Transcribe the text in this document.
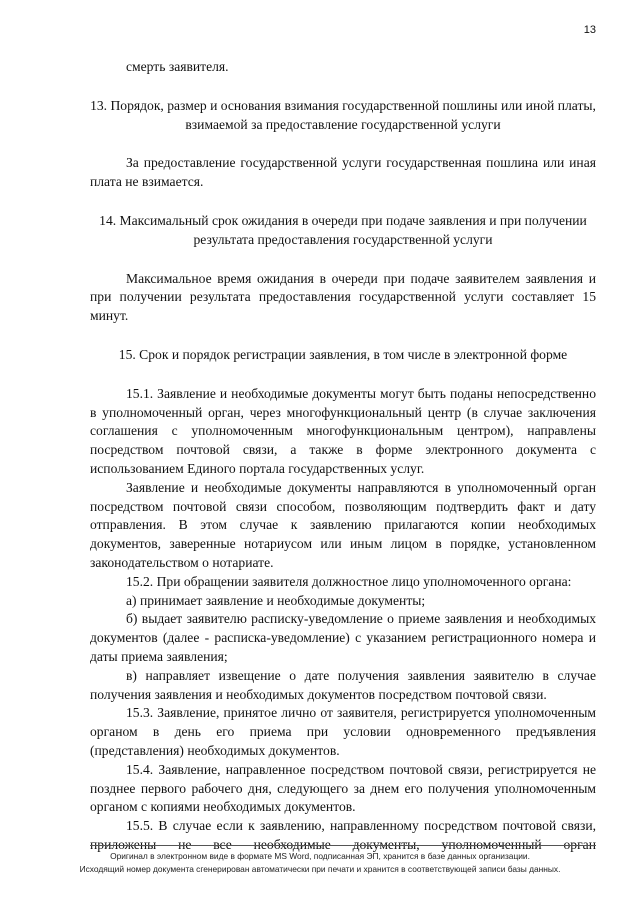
13

смерть заявителя.

13. Порядок, размер и основания взимания государственной пошлины или иной платы, взимаемой за предоставление государственной услуги

За предоставление государственной услуги государственная пошлина или иная плата не взимается.

14. Максимальный срок ожидания в очереди при подаче заявления и при получении результата предоставления государственной услуги

Максимальное время ожидания в очереди при подаче заявителем заявления и при получении результата предоставления государственной услуги составляет 15 минут.

15. Срок и порядок регистрации заявления, в том числе в электронной форме

15.1. Заявление и необходимые документы могут быть поданы непосредственно в уполномоченный орган, через многофункциональный центр (в случае заключения соглашения с уполномоченным многофункциональным центром), направлены посредством почтовой связи, а также в форме электронного документа с использованием Единого портала государственных услуг.

Заявление и необходимые документы направляются в уполномоченный орган посредством почтовой связи способом, позволяющим подтвердить факт и дату отправления. В этом случае к заявлению прилагаются копии необходимых документов, заверенные нотариусом или иным лицом в порядке, установленном законодательством о нотариате.

15.2. При обращении заявителя должностное лицо уполномоченного органа:

а) принимает заявление и необходимые документы;

б) выдает заявителю расписку-уведомление о приеме заявления и необходимых документов (далее - расписка-уведомление) с указанием регистрационного номера и даты приема заявления;

в) направляет извещение о дате получения заявления заявителю в случае получения заявления и необходимых документов посредством почтовой связи.

15.3. Заявление, принятое лично от заявителя, регистрируется уполномоченным органом в день его приема при условии одновременного предъявления (представления) необходимых документов.

15.4. Заявление, направленное посредством почтовой связи, регистрируется не позднее первого рабочего дня, следующего за днем его получения уполномоченным органом с копиями необходимых документов.

15.5. В случае если к заявлению, направленному посредством почтовой связи, приложены не все необходимые документы, уполномоченный орган

Оригинал в электронном виде в формате MS Word, подписанная ЭП, хранится в базе данных организации.
Исходящий номер документа сгенерирован автоматически при печати и хранится в соответствующей записи базы данных.
